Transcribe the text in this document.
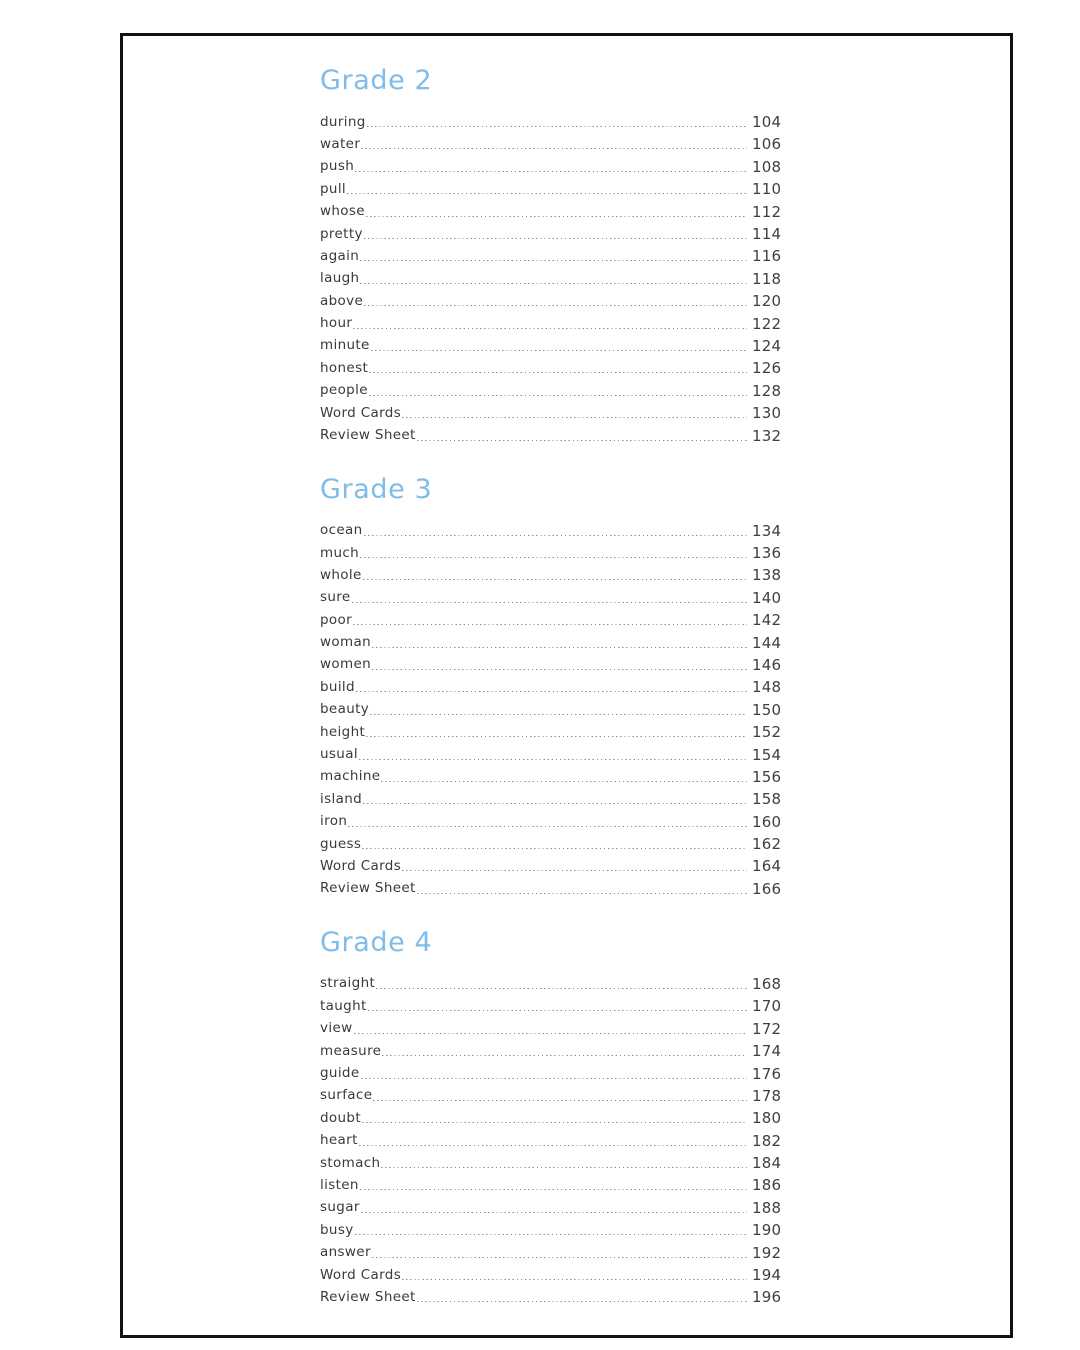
Grade 2
during	104
water	106
push	108
pull	110
whose	112
pretty	114
again	116
laugh	118
above	120
hour	122
minute	124
honest	126
people	128
Word Cards	130
Review Sheet	132
Grade 3
ocean	134
much	136
whole	138
sure	140
poor	142
woman	144
women	146
build	148
beauty	150
height	152
usual	154
machine	156
island	158
iron	160
guess	162
Word Cards	164
Review Sheet	166
Grade 4
straight	168
taught	170
view	172
measure	174
guide	176
surface	178
doubt	180
heart	182
stomach	184
listen	186
sugar	188
busy	190
answer	192
Word Cards	194
Review Sheet	196
